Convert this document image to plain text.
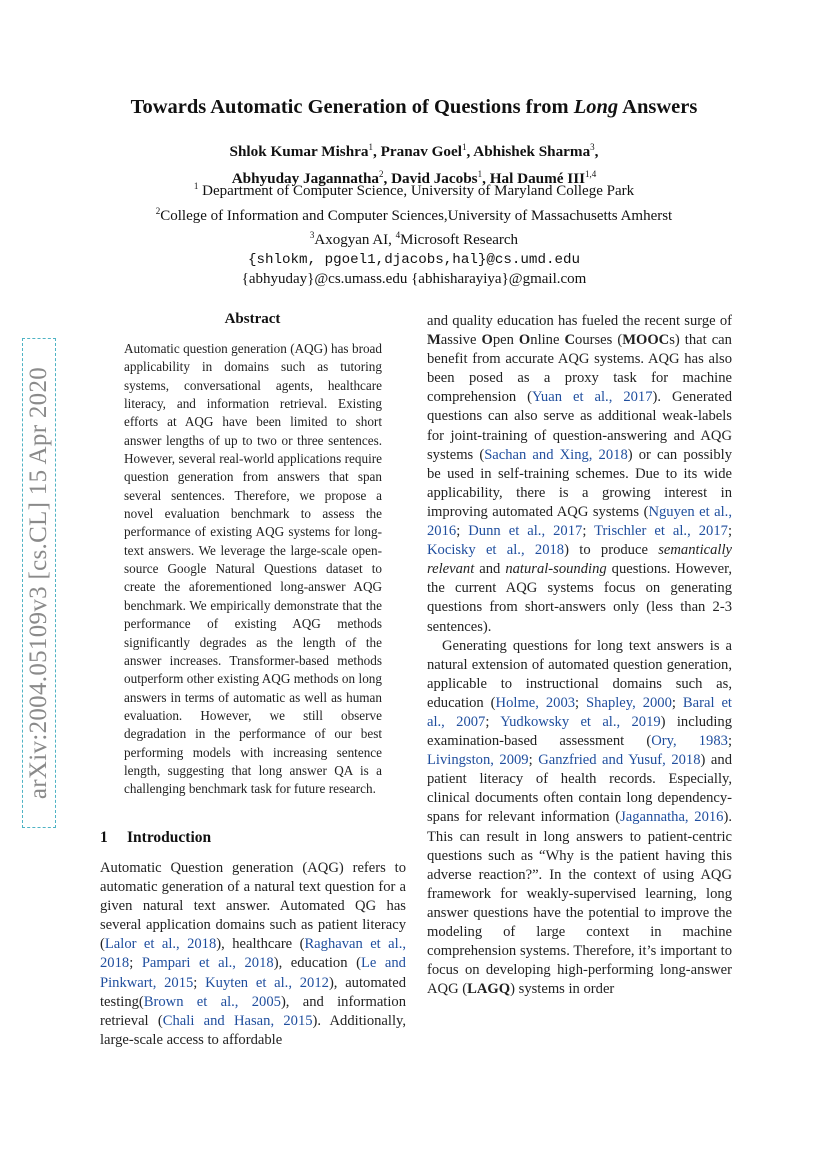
arXiv:2004.05109v3 [cs.CL] 15 Apr 2020
Towards Automatic Generation of Questions from Long Answers
Shlok Kumar Mishra$^1$, Pranav Goel$^1$, Abhishek Sharma$^3$,
Abhyuday Jagannatha$^2$, David Jacobs$^1$, Hal Daumé III$^{1,4}$
$^1$ Department of Computer Science, University of Maryland College Park
$^2$College of Information and Computer Sciences,University of Massachusetts Amherst
$^3$Axogyan AI, $^4$Microsoft Research
{shlokm, pgoel1,djacobs,hal}@cs.umd.edu
{abhyuday}@cs.umass.edu {abhisharayiya}@gmail.com
Abstract
Automatic question generation (AQG) has broad applicability in domains such as tutoring systems, conversational agents, healthcare literacy, and information retrieval. Existing efforts at AQG have been limited to short answer lengths of up to two or three sentences. However, several real-world applications require question generation from answers that span several sentences. Therefore, we propose a novel evaluation benchmark to assess the performance of existing AQG systems for long-text answers. We leverage the large-scale open-source Google Natural Questions dataset to create the aforementioned long-answer AQG benchmark. We empirically demonstrate that the performance of existing AQG methods significantly degrades as the length of the answer increases. Transformer-based methods outperform other existing AQG methods on long answers in terms of automatic as well as human evaluation. However, we still observe degradation in the performance of our best performing models with increasing sentence length, suggesting that long answer QA is a challenging benchmark task for future research.
1 Introduction

Automatic Question generation (AQG) refers to automatic generation of a natural text question for a given natural text answer. Automated QG has several application domains such as patient literacy (Lalor et al., 2018), healthcare (Raghavan et al., 2018; Pampari et al., 2018), education (Le and Pinkwart, 2015; Kuyten et al., 2012), automated testing(Brown et al., 2005), and information retrieval (Chali and Hasan, 2015). Additionally, large-scale access to affordable

and quality education has fueled the recent surge of Massive Open Online Courses (MOOCs) that can benefit from accurate AQG systems. AQG has also been posed as a proxy task for machine comprehension (Yuan et al., 2017). Generated questions can also serve as additional weak-labels for joint-training of question-answering and AQG systems (Sachan and Xing, 2018) or can possibly be used in self-training schemes. Due to its wide applicability, there is a growing interest in improving automated AQG systems (Nguyen et al., 2016; Dunn et al., 2017; Trischler et al., 2017; Kocisky et al., 2018) to produce semantically relevant and natural-sounding questions. However, the current AQG systems focus on generating questions from short-answers only (less than 2-3 sentences).

Generating questions for long text answers is a natural extension of automated question generation, applicable to instructional domains such as, education (Holme, 2003; Shapley, 2000; Baral et al., 2007; Yudkowsky et al., 2019) including examination-based assessment (Ory, 1983; Livingston, 2009; Ganzfried and Yusuf, 2018) and patient literacy of health records. Especially, clinical documents often contain long dependency-spans for relevant information (Jagannatha, 2016). This can result in long answers to patient-centric questions such as “Why is the patient having this adverse reaction?”. In the context of using AQG framework for weakly-supervised learning, long answer questions have the potential to improve the modeling of large context in machine comprehension systems. Therefore, it’s important to focus on developing high-performing long-answer AQG (LAGQ) systems in order
